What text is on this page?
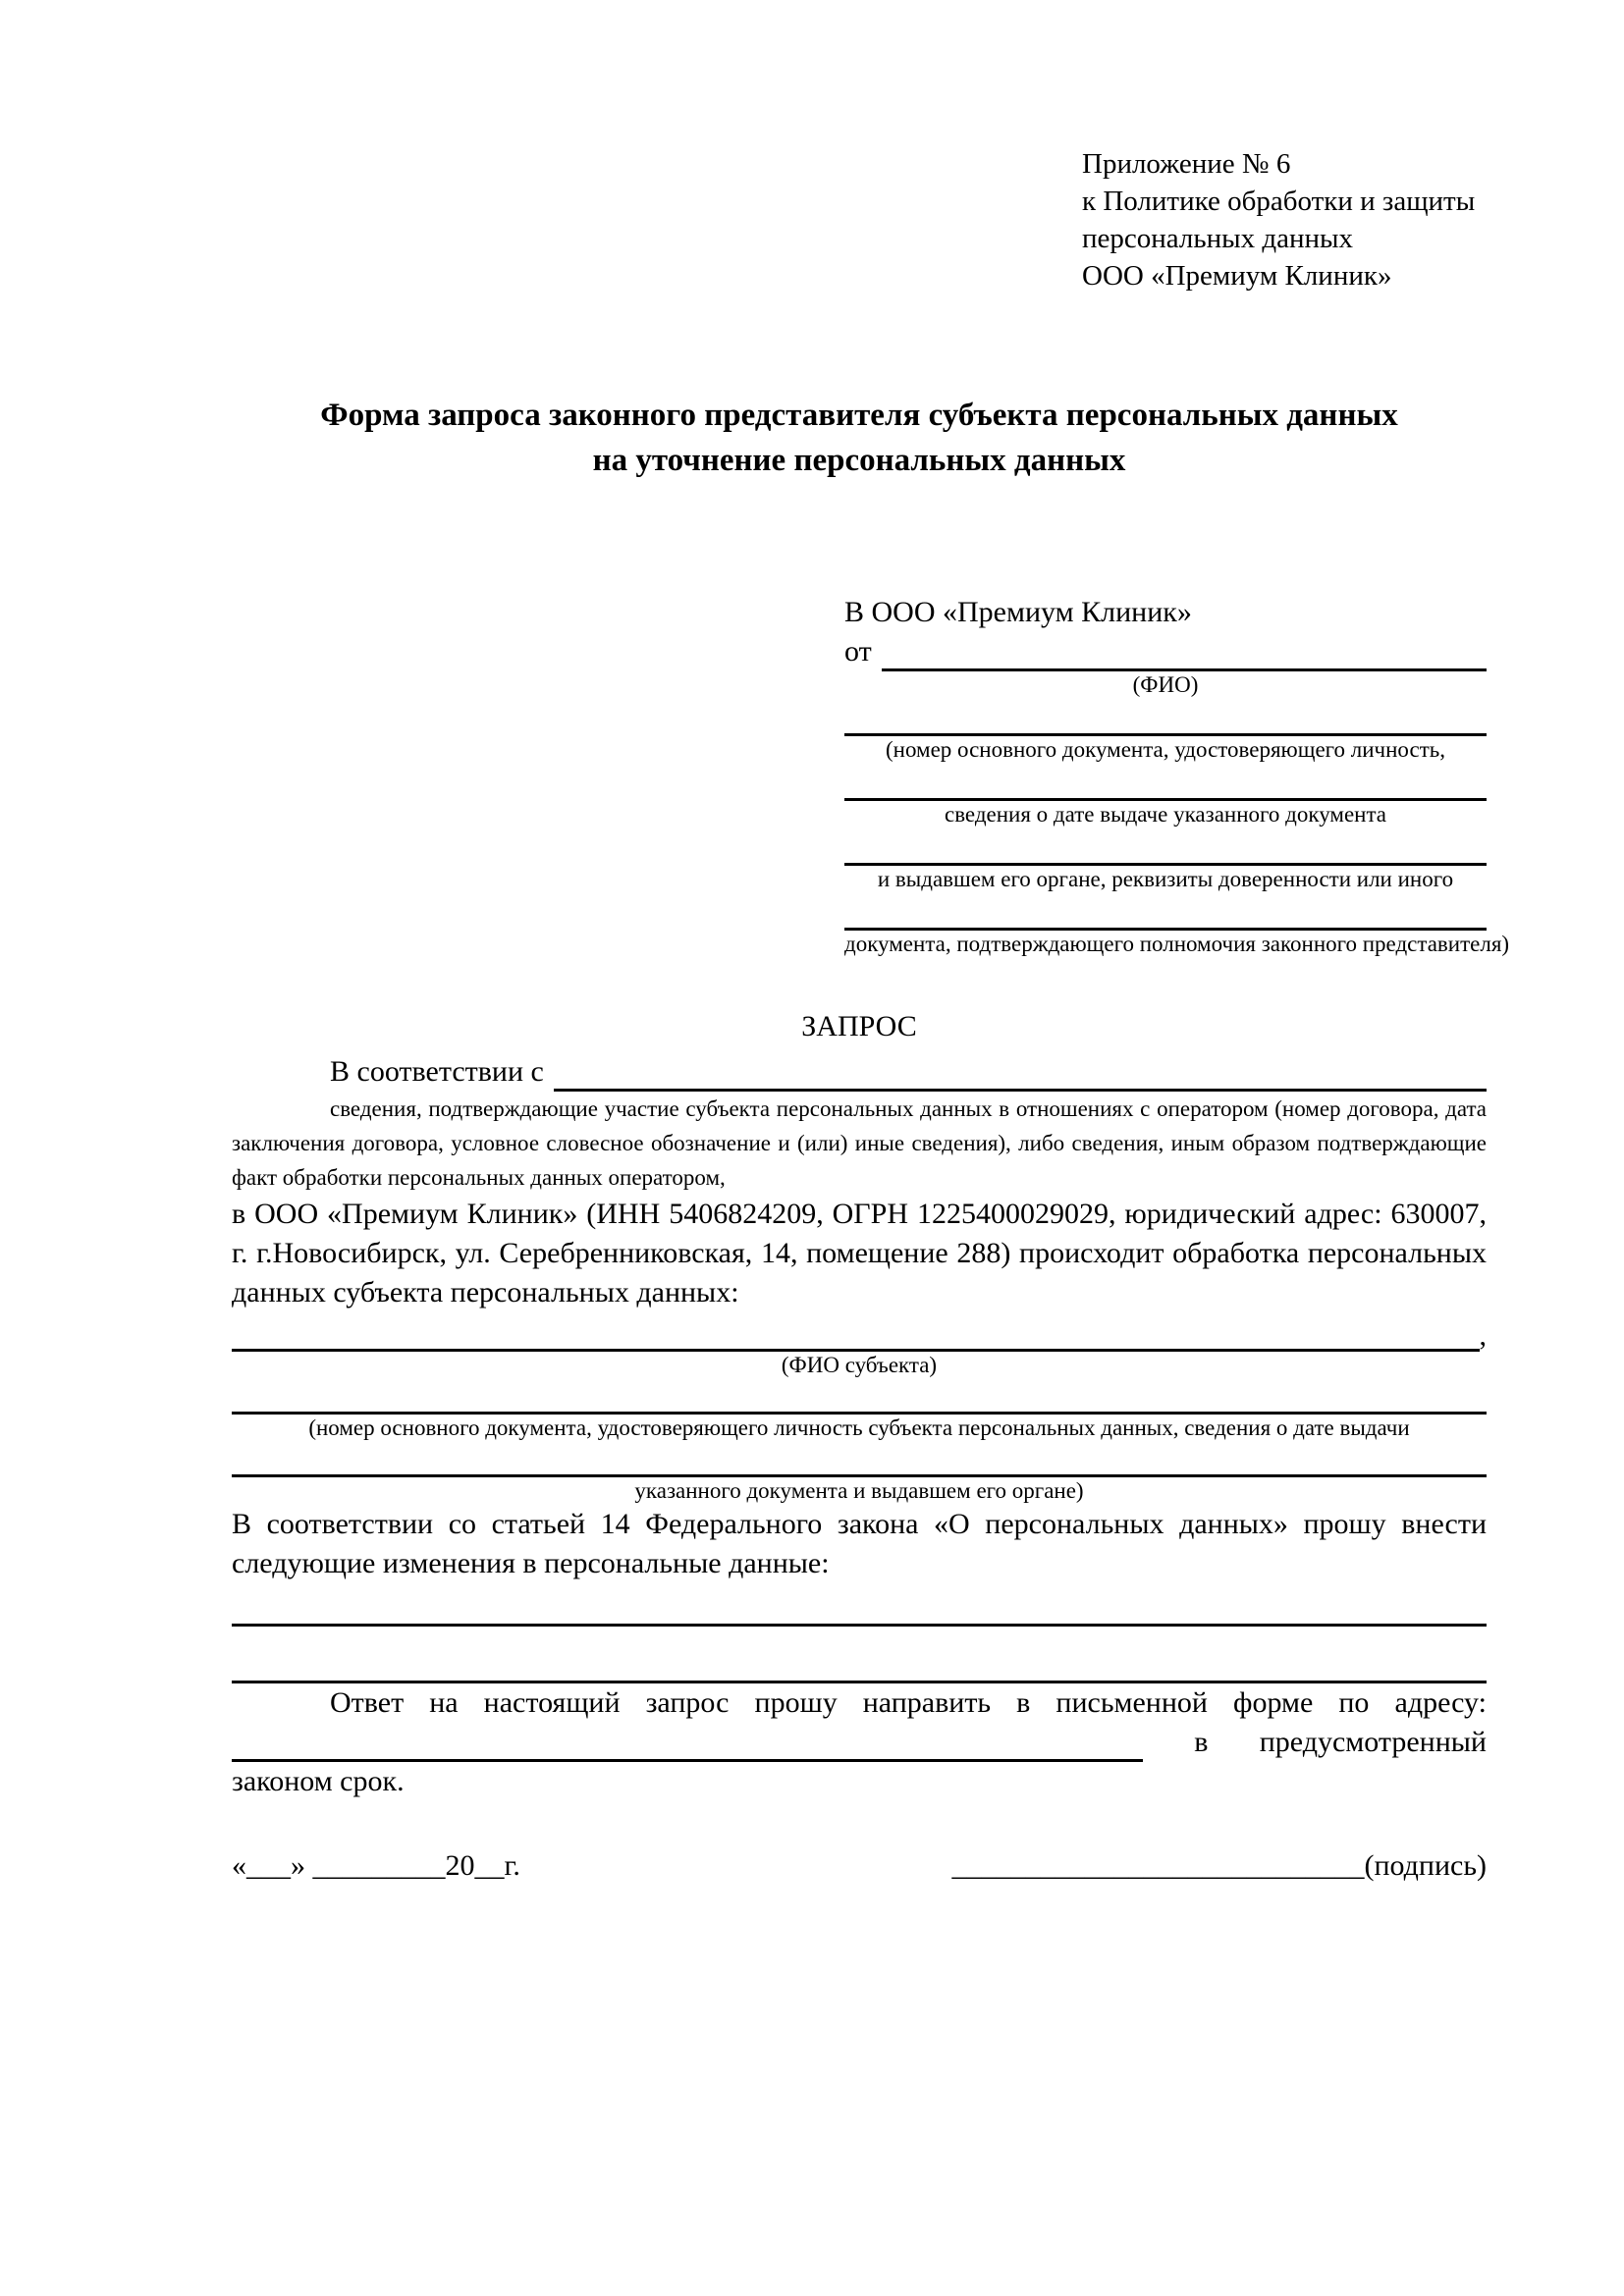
Приложение № 6
к Политике обработки и защиты
персональных данных
ООО «Премиум Клиник»
Форма запроса законного представителя субъекта персональных данных
на уточнение персональных данных
В ООО «Премиум Клиник»
от
(ФИО)
(номер основного документа, удостоверяющего личность,
сведения о дате выдаче указанного документа
и выдавшем его органе, реквизиты доверенности или иного
документа, подтверждающего полномочия законного представителя)
ЗАПРОС
В соответствии с
сведения, подтверждающие участие субъекта персональных данных в отношениях с оператором (номер договора, дата заключения договора, условное словесное обозначение и (или) иные сведения), либо сведения, иным образом подтверждающие факт обработки персональных данных оператором,
в ООО «Премиум Клиник» (ИНН 5406824209, ОГРН 1225400029029, юридический адрес: 630007, г. г.Новосибирск, ул. Серебренниковская, 14, помещение 288) происходит обработка персональных данных субъекта персональных данных:
,
(ФИО субъекта)
(номер основного документа, удостоверяющего личность субъекта персональных данных, сведения о дате выдачи
указанного документа и выдавшем его органе)
В соответствии со статьей 14 Федерального закона «О персональных данных» прошу внести следующие изменения в персональные данные:
Ответ на настоящий запрос прошу направить в письменной форме по адресу:
в предусмотренный
законом срок.
«___» _________20__г.	____________________________(подпись)
